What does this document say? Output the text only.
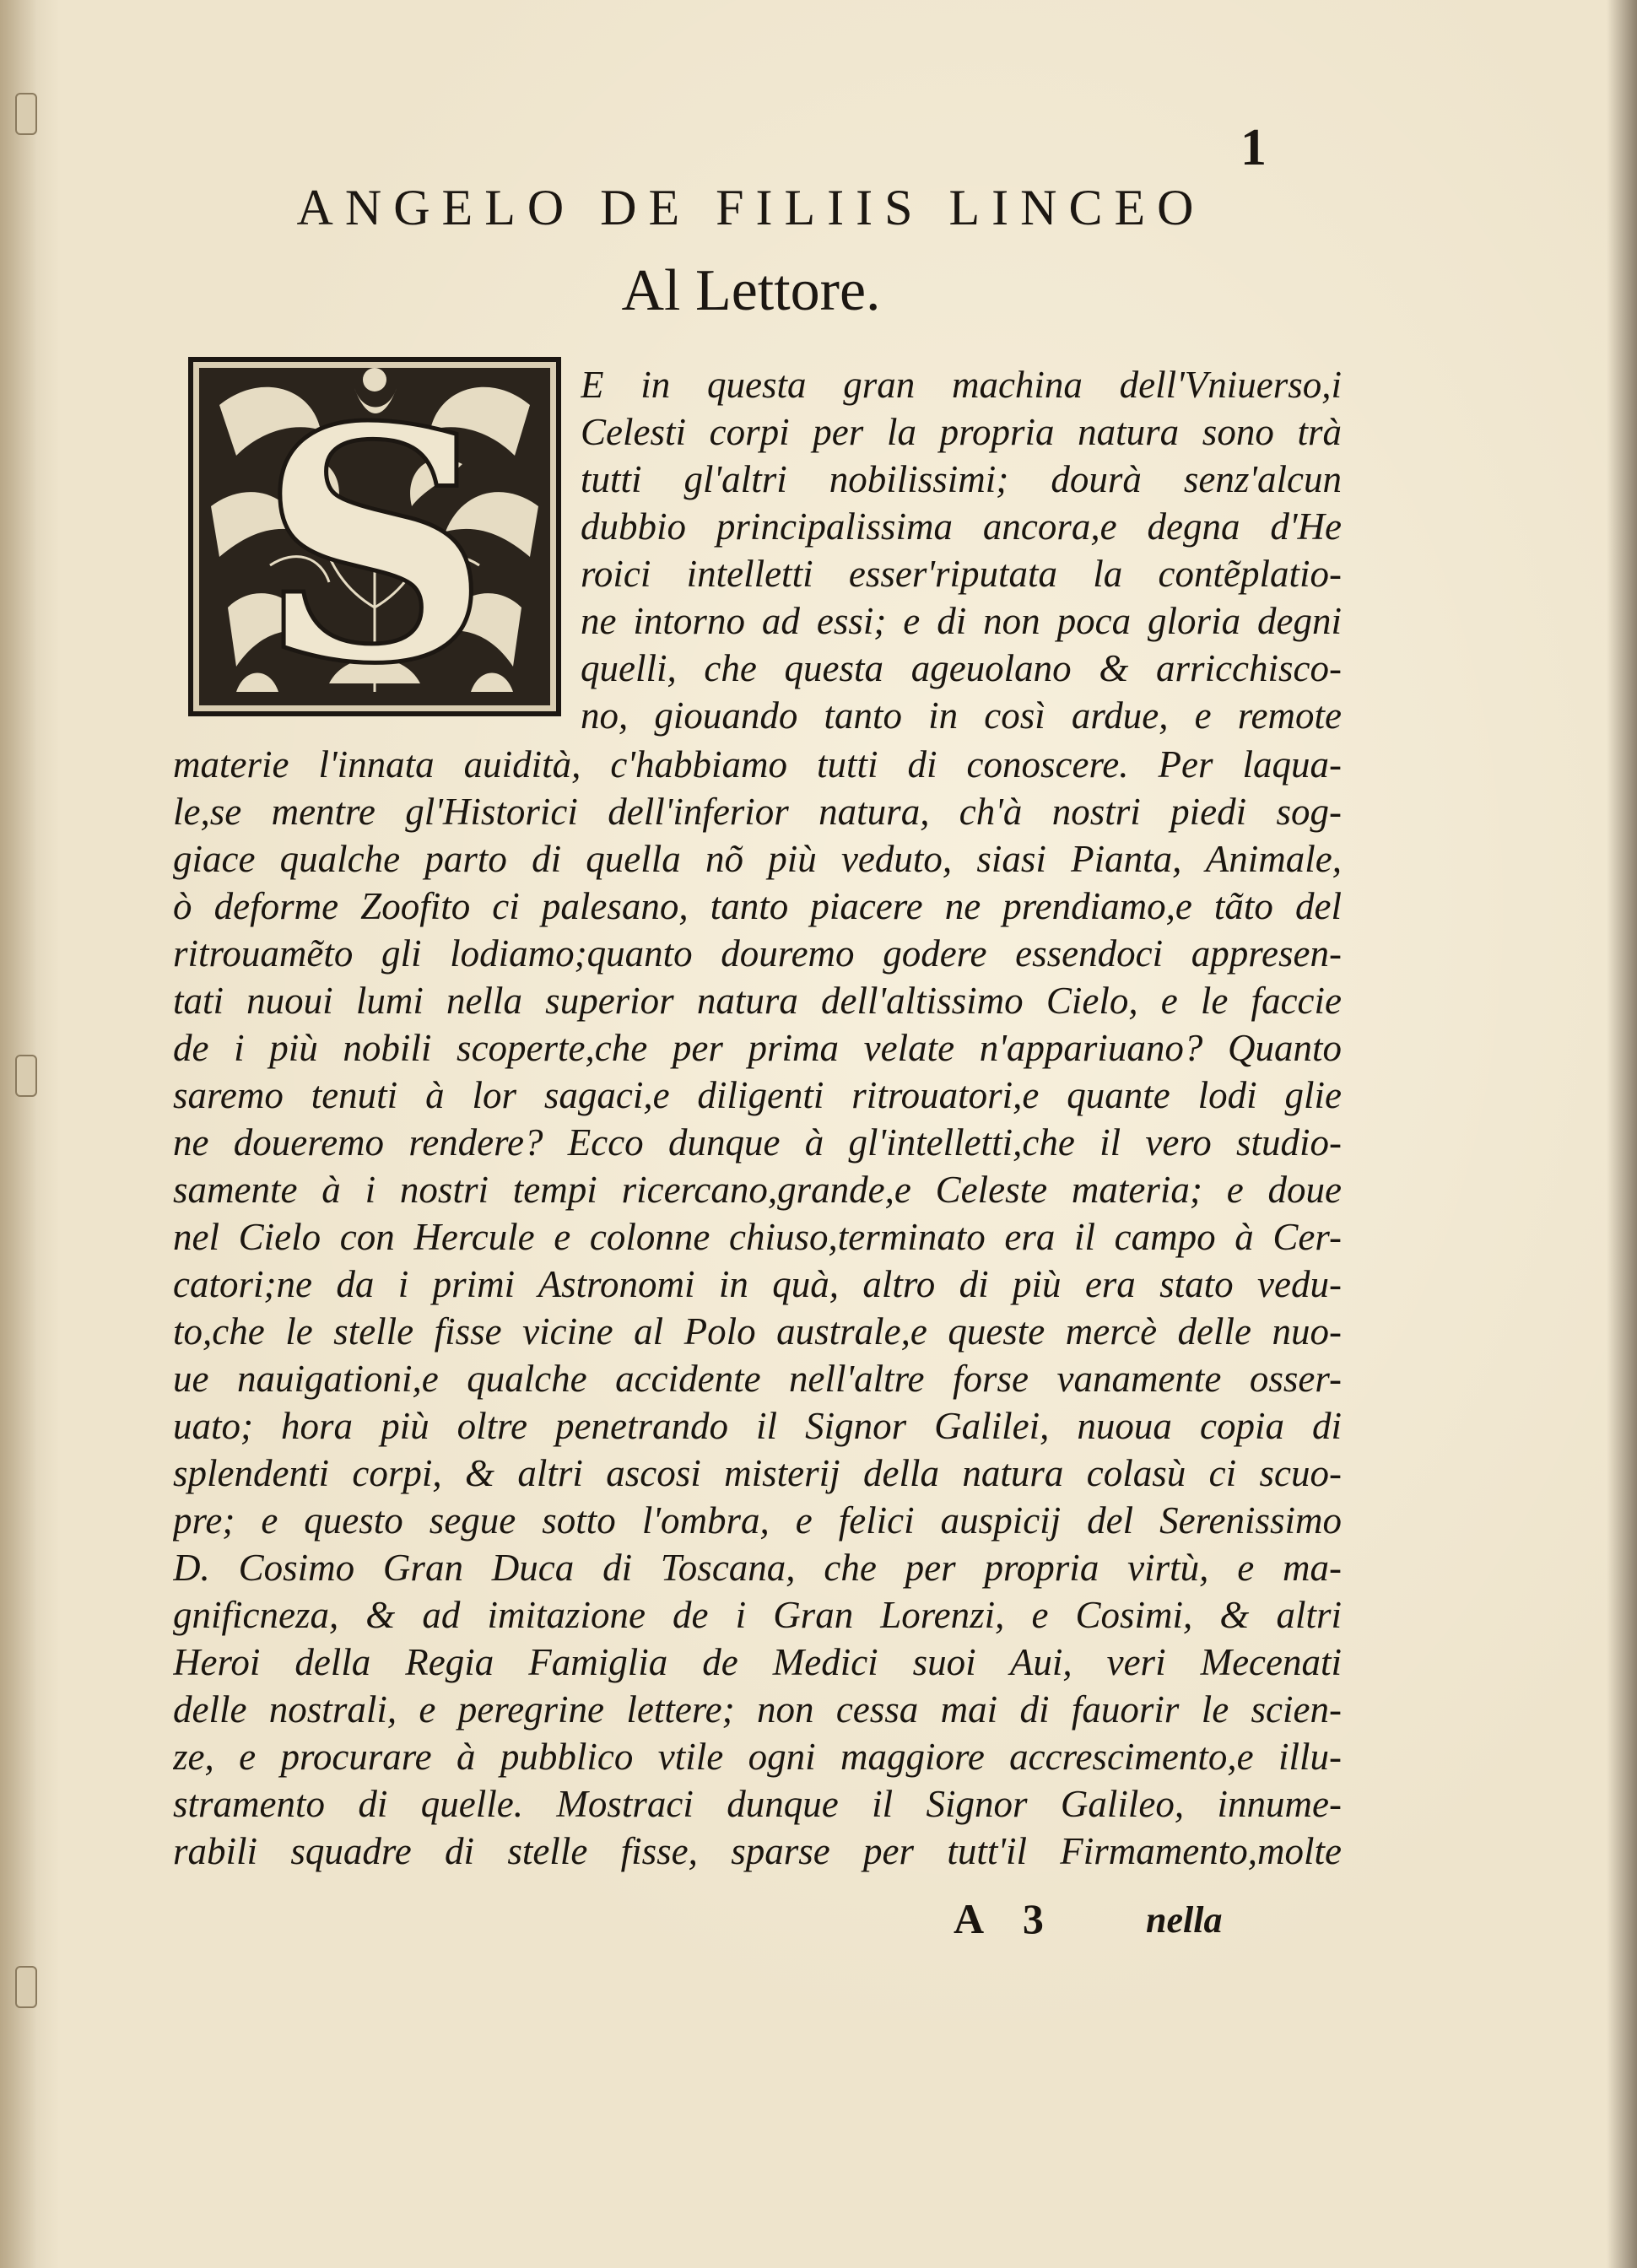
1
ANGELO DE FILIIS LINCEO
Al Lettore.
S E in questa gran machina dell'Vniuerso,i
Celesti corpi per la propria natura sono trà
tutti gl'altri nobilissimi; dourà senz'alcun
dubbio principalissima ancora,e degna d'He
roici intelletti esser'riputata la contẽplatio-
ne intorno ad essi; e di non poca gloria degni
quelli, che questa ageuolano & arricchisco-
no, giouando tanto in così ardue, e remote
materie l'innata auidità, c'habbiamo tutti di conoscere. Per laqua-
le,se mentre gl'Historici dell'inferior natura, ch'à nostri piedi sog-
giace qualche parto di quella nõ più veduto, siasi Pianta, Animale,
ò deforme Zoofito ci palesano, tanto piacere ne prendiamo,e tãto del
ritrouamẽto gli lodiamo;quanto douremo godere essendoci appresen-
tati nuoui lumi nella superior natura dell'altissimo Cielo, e le faccie
de i più nobili scoperte,che per prima velate n'appariuano? Quanto
saremo tenuti à lor sagaci,e diligenti ritrouatori,e quante lodi glie
ne doueremo rendere? Ecco dunque à gl'intelletti,che il vero studio-
samente à i nostri tempi ricercano,grande,e Celeste materia; e doue
nel Cielo con Hercule e colonne chiuso,terminato era il campo à Cer-
catori;ne da i primi Astronomi in quà, altro di più era stato vedu-
to,che le stelle fisse vicine al Polo australe,e queste mercè delle nuo-
ue nauigationi,e qualche accidente nell'altre forse vanamente osser-
uato; hora più oltre penetrando il Signor Galilei, nuoua copia di
splendenti corpi, & altri ascosi misterij della natura colasù ci scuo-
pre; e questo segue sotto l'ombra, e felici auspicij del Serenissimo
D. Cosimo Gran Duca di Toscana, che per propria virtù, e ma-
gnificneza, & ad imitazione de i Gran Lorenzi, e Cosimi, & altri
Heroi della Regia Famiglia de Medici suoi Aui, veri Mecenati
delle nostrali, e peregrine lettere; non cessa mai di fauorir le scien-
ze, e procurare à pubblico vtile ogni maggiore accrescimento,e illu-
stramento di quelle. Mostraci dunque il Signor Galileo, innume-
rabili squadre di stelle fisse, sparse per tutt'il Firmamento,molte
A 3 nella
